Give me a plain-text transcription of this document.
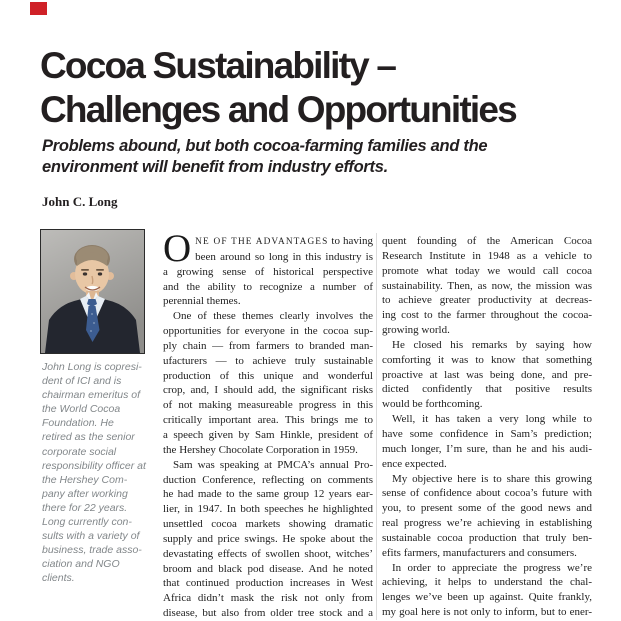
Cocoa Sustainability –
Challenges and Opportunities
Problems abound, but both cocoa-farming families and the
environment will benefit from industry efforts.
John C. Long
John Long is copresi-
dent of ICI and is
chairman emeritus of
the World Cocoa
Foundation. He
retired as the senior
corporate social
responsibility officer at
the Hershey Com-
pany after working
there for 22 years.
Long currently con-
sults with a variety of
business, trade asso-
ciation and NGO
clients.
O NE OF THE ADVANTAGES to having
been around so long in this industry is
a growing sense of historical perspective
and the ability to recognize a number of
perennial themes.
One of these themes clearly involves the
opportunities for everyone in the cocoa sup-
ply chain — from farmers to branded man-
ufacturers — to achieve truly sustainable
production of this unique and wonderful
crop, and, I should add, the significant risks
of not making measureable progress in this
critically important area. This brings me to
a speech given by Sam Hinkle, president of
the Hershey Chocolate Corporation in 1959.
Sam was speaking at PMCA’s annual Pro-
duction Conference, reflecting on comments
he had made to the same group 12 years ear-
lier, in 1947. In both speeches he highlighted
unsettled cocoa markets showing dramatic
supply and price swings. He spoke about the
devastating effects of swollen shoot, witches’
broom and black pod disease. And he noted
that continued production increases in West
Africa didn’t mask the risk not only from
disease, but also from older tree stock and a
quent founding of the American Cocoa
Research Institute in 1948 as a vehicle to
promote what today we would call cocoa
sustainability. Then, as now, the mission was
to achieve greater productivity at decreas-
ing cost to the farmer throughout the cocoa-
growing world.
He closed his remarks by saying how
comforting it was to know that something
proactive at last was being done, and pre-
dicted confidently that positive results
would be forthcoming.
Well, it has taken a very long while to
have some confidence in Sam’s prediction;
much longer, I’m sure, than he and his audi-
ence expected.
My objective here is to share this growing
sense of confidence about cocoa’s future with
you, to present some of the good news and
real progress we’re achieving in establishing
sustainable cocoa production that truly ben-
efits farmers, manufacturers and consumers.
In order to appreciate the progress we’re
achieving, it helps to understand the chal-
lenges we’ve been up against. Quite frankly,
my goal here is not only to inform, but to ener-
